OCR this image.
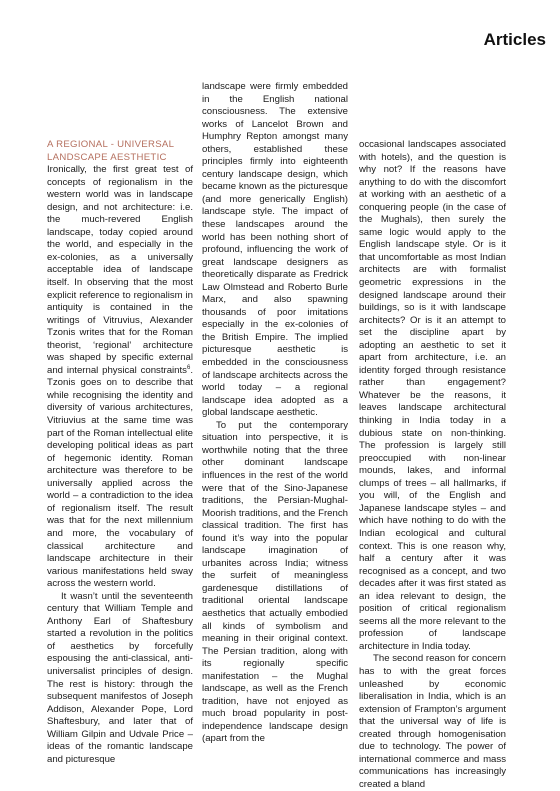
Articles
A REGIONAL - UNIVERSAL LANDSCAPE AESTHETIC

Ironically, the first great test of concepts of regionalism in the western world was in landscape design, and not architecture: i.e. the much-revered English landscape, today copied around the world, and especially in the ex-colonies, as a universally acceptable idea of landscape itself. In observing that the most explicit reference to regionalism in antiquity is contained in the writings of Vitruvius, Alexander Tzonis writes that for the Roman theorist, ‘regional’ architecture was shaped by specific external and internal physical constraints$^6$. Tzonis goes on to describe that while recognising the identity and diversity of various architectures, Vitriuvius at the same time was part of the Roman intellectual elite developing political ideas as part of hegemonic identity. Roman architecture was therefore to be universally applied across the world – a contradiction to the idea of regionalism itself. The result was that for the next millennium and more, the vocabulary of classical architecture and landscape architecture in their various manifestations held sway across the western world.

It wasn’t until the seventeenth century that William Temple and Anthony Earl of Shaftesbury started a revolution in the politics of aesthetics by forcefully espousing the anti-classical, anti-universalist principles of design. The rest is history: through the subsequent manifestos of Joseph Addison, Alexander Pope, Lord Shaftesbury, and later that of William Gilpin and Udvale Price – ideas of the romantic landscape and picturesque

landscape were firmly embedded in the English national consciousness. The extensive works of Lancelot Brown and Humphry Repton amongst many others, established these principles firmly into eighteenth century landscape design, which became known as the picturesque (and more generically English) landscape style. The impact of these landscapes around the world has been nothing short of profound, influencing the work of great landscape designers as theoretically disparate as Fredrick Law Olmstead and Roberto Burle Marx, and also spawning thousands of poor imitations especially in the ex-colonies of the British Empire. The implied picturesque aesthetic is embedded in the consciousness of landscape architects across the world today – a regional landscape idea adopted as a global landscape aesthetic.

To put the contemporary situation into perspective, it is worthwhile noting that the three other dominant landscape influences in the rest of the world were that of the Sino-Japanese traditions, the Persian-Mughal-Moorish traditions, and the French classical tradition. The first has found it’s way into the popular landscape imagination of urbanites across India; witness the surfeit of meaningless gardenesque distillations of traditional oriental landscape aesthetics that actually embodied all kinds of symbolism and meaning in their original context. The Persian tradition, along with its regionally specific manifestation – the Mughal landscape, as well as the French tradition, have not enjoyed as much broad popularity in post-independence landscape design (apart from the

occasional landscapes associated with hotels), and the question is why not? If the reasons have anything to do with the discomfort at working with an aesthetic of a conquering people (in the case of the Mughals), then surely the same logic would apply to the English landscape style. Or is it that uncomfortable as most Indian architects are with formalist geometric expressions in the designed landscape around their buildings, so is it with landscape architects? Or is it an attempt to set the discipline apart by adopting an aesthetic to set it apart from architecture, i.e. an identity forged through resistance rather than engagement? Whatever be the reasons, it leaves landscape architectural thinking in India today in a dubious state on non-thinking. The profession is largely still preoccupied with non-linear mounds, lakes, and informal clumps of trees – all hallmarks, if you will, of the English and Japanese landscape styles – and which have nothing to do with the Indian ecological and cultural context. This is one reason why, half a century after it was recognised as a concept, and two decades after it was first stated as an idea relevant to design, the position of critical regionalism seems all the more relevant to the profession of landscape architecture in India today.

The second reason for concern has to with the great forces unleashed by economic liberalisation in India, which is an extension of Frampton’s argument that the universal way of life is created through homogenisation due to technology. The power of international commerce and mass communications has increasingly created a bland
